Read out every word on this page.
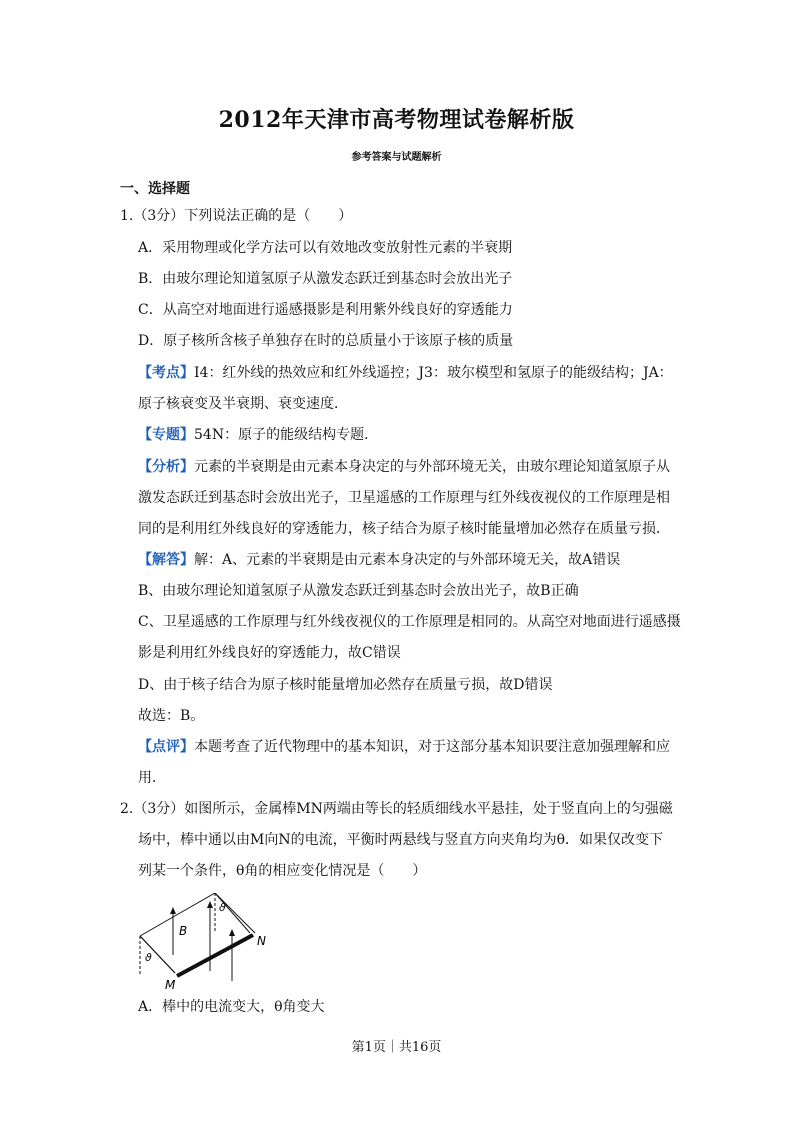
2012年天津市高考物理试卷解析版
参考答案与试题解析
一、选择题
1.（3分）下列说法正确的是（　　）
A．采用物理或化学方法可以有效地改变放射性元素的半衰期
B．由玻尔理论知道氢原子从激发态跃迁到基态时会放出光子
C．从高空对地面进行遥感摄影是利用紫外线良好的穿透能力
D．原子核所含核子单独存在时的总质量小于该原子核的质量
【考点】I4：红外线的热效应和红外线遥控；J3：玻尔模型和氢原子的能级结构；JA：
原子核衰变及半衰期、衰变速度．
【专题】54N：原子的能级结构专题．
【分析】元素的半衰期是由元素本身决定的与外部环境无关，由玻尔理论知道氢原子从
激发态跃迁到基态时会放出光子，卫星遥感的工作原理与红外线夜视仪的工作原理是相
同的是利用红外线良好的穿透能力，核子结合为原子核时能量增加必然存在质量亏损．
【解答】解：A、元素的半衰期是由元素本身决定的与外部环境无关，故A错误
B、由玻尔理论知道氢原子从激发态跃迁到基态时会放出光子，故B正确
C、卫星遥感的工作原理与红外线夜视仪的工作原理是相同的。从高空对地面进行遥感摄
影是利用红外线良好的穿透能力，故C错误
D、由于核子结合为原子核时能量增加必然存在质量亏损，故D错误
故选：B。
【点评】本题考查了近代物理中的基本知识，对于这部分基本知识要注意加强理解和应
用．
2.（3分）如图所示，金属棒MN两端由等长的轻质细线水平悬挂，处于竖直向上的匀强磁
场中，棒中通以由M向N的电流，平衡时两悬线与竖直方向夹角均为θ．如果仅改变下
列某一个条件，θ角的相应变化情况是（　　）
B
M
N
ϑ
ϑ
A．棒中的电流变大，θ角变大
第1页｜共16页
